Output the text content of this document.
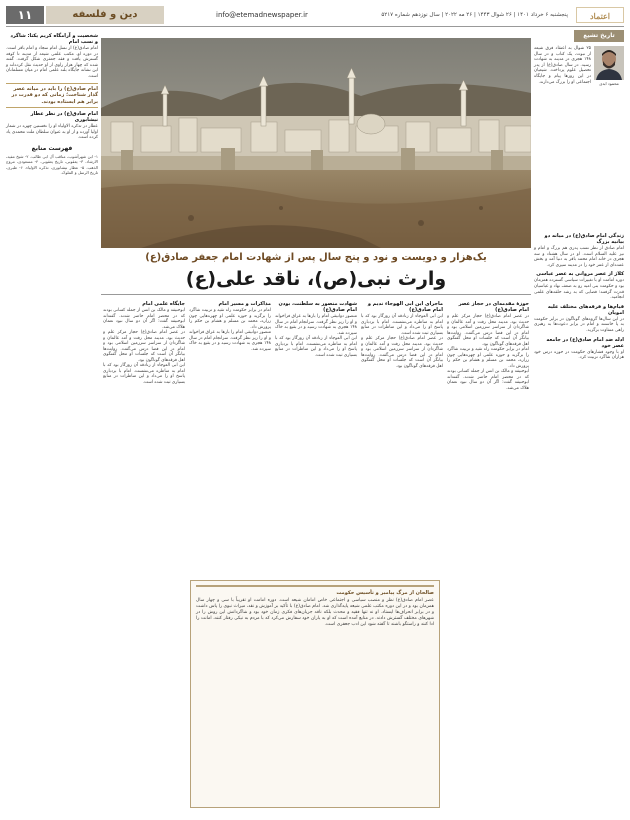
۱۱	دین و فلسفه	info@etemadnewspaper.ir	پنجشنبه ۶ خرداد ۱۴۰۱ | ۲۶ شوال ۱۴۴۳ | ۲۶ مه ۲۰۲۲ | سال نوزدهم شماره ۵۲۱۷	اعتماد
تاریخ تشیع
محمود ابدی
۲۵ شوال به اعتقاد فرق شیعه از نبوت، یک کتاب و در سال ۱۴۸ هجری در مدینه به شهادت رسید. در سال صادق(ع) از پدر تحصیل علوم پرداخت. شیعیان در این روزها پیام و جایگاه اجتماعی او را بزرگ می‌دارند.
زندگی امام صادق(ع) در میانه دو بیانیه بزرگ
امام صادق از نظر نسب پدری هم بزرگ و امام و نیز علیه السلام است. او در سال هشتاد و سه هجری در خانه امام محمد باقر به دنیا آمد و بخش عمده‌ای از عمر خود را در مدینه سپری کرد.
کلاژ از عصر مروانی به عصر عباسی
دوره امامت او با تغییرات سیاسی گسترده همزمان بود و حکومت بنی امیه رو به ضعف نهاد و عباسیان قدرت گرفتند؛ فضایی که به رشد حلقه‌های علمی انجامید.
قیام‌ها و فرقه‌های مختلف علیه امویان
در این سال‌ها گروه‌های گوناگون در برابر حکومت به پا خاستند و امام در برابر دعوت‌ها به رهبری راهی متفاوت برگزید.
ادله ضد امام صادق(ع) در جامعه عصر خود
او با وجود فشارهای حکومت در حوزه درس خود هزاران شاگرد تربیت کرد.
شخصیت و آرامگاه کریم یکتا: شاگرد و نسب امام
امام صادق(ع) از نسل امام سجاد و امام باقر است. در دوره او، مکتب علمی شیعه از مدینه تا کوفه گسترش یافت و فقه جعفری شکل گرفت. گفته شده که چهار هزار راوی از او حدیث نقل کرده‌اند و این نشانه جایگاه بلند علمی امام در میان مسلمانان است.
امام صادق(ع) را باید در میانه عصر گذار شناخت؛ زمانی که دو قدرت در برابر هم ایستاده بودند.
امام صادق(ع) در نظر عطار نیشابوری
عطار در تذکره الاولیاء او را نخستین چهره در شمار اولیا آورده و از او به عنوان سلطان ملت محمدی یاد کرده است.
فهرست منابع
۱- ابن شهرآشوب، مناقب آل ابی طالب. ۲- شیخ مفید، الارشاد. ۳- یعقوبی، تاریخ یعقوبی. ۴- مسعودی، مروج الذهب. ۵- عطار نیشابوری، تذکره الاولیاء. ۶- طبری، تاریخ الرسل و الملوک.
یک‌هزار و دویست و نود و پنج سال پس از شهادت امام جعفر صادق(ع)
وارث نبی(ص)، ناقد علی(ع)
حوزهٔ مقدمه‌ای در حجاز عصر امام صادق(ع)
در عصر امام صادق(ع) حجاز مرکز علم و حدیث بود. مدینه محل رفت و آمد عالمان و شاگردان از سراسر سرزمین اسلامی بود و امام در این فضا درس می‌گفت. روایت‌ها بیانگر آن است که جلسات او محل گفتگوی اهل فرقه‌های گوناگون بود.
امام در برابر حکومت راه تقیه و تربیت شاگرد را برگزید و حوزه علمی او چهره‌هایی چون زراره، محمد بن مسلم و هشام بن حکم را پرورش داد.
ابوحنیفه و مالک بن انس از جمله کسانی بودند که در محضر امام حاضر شدند. گفته‌اند ابوحنیفه گفت: اگر آن دو سال نبود نعمان هلاک می‌شد.
ماجرای این ابی الهوجاء ندیم و امام صادق(ع)
ابن ابی العوجاء از زنادقه آن روزگار بود که با امام به مناظره می‌نشست. امام با بردباری پاسخ او را می‌داد و این مناظرات در منابع بسیاری ثبت شده است.
در عصر امام صادق(ع) حجاز مرکز علم و حدیث بود. مدینه محل رفت و آمد عالمان و شاگردان از سراسر سرزمین اسلامی بود و امام در این فضا درس می‌گفت. روایت‌ها بیانگر آن است که جلسات او محل گفتگوی اهل فرقه‌های گوناگون بود.
شهادت منصور به سلطنت، بودن امام صادق(ع)
منصور دوانیقی امام را بارها به عراق فراخواند و او را زیر نظر گرفت. سرانجام امام در سال ۱۴۸ هجری به شهادت رسید و در بقیع به خاک سپرده شد.
ابن ابی العوجاء از زنادقه آن روزگار بود که با امام به مناظره می‌نشست. امام با بردباری پاسخ او را می‌داد و این مناظرات در منابع بسیاری ثبت شده است.
مذاکرات و مسیر امام
امام در برابر حکومت راه تقیه و تربیت شاگرد را برگزید و حوزه علمی او چهره‌هایی چون زراره، محمد بن مسلم و هشام بن حکم را پرورش داد.
منصور دوانیقی امام را بارها به عراق فراخواند و او را زیر نظر گرفت. سرانجام امام در سال ۱۴۸ هجری به شهادت رسید و در بقیع به خاک سپرده شد.
جایگاه علمی امام
ابوحنیفه و مالک بن انس از جمله کسانی بودند که در محضر امام حاضر شدند. گفته‌اند ابوحنیفه گفت: اگر آن دو سال نبود نعمان هلاک می‌شد.
در عصر امام صادق(ع) حجاز مرکز علم و حدیث بود. مدینه محل رفت و آمد عالمان و شاگردان از سراسر سرزمین اسلامی بود و امام در این فضا درس می‌گفت. روایت‌ها بیانگر آن است که جلسات او محل گفتگوی اهل فرقه‌های گوناگون بود.
ابن ابی العوجاء از زنادقه آن روزگار بود که با امام به مناظره می‌نشست. امام با بردباری پاسخ او را می‌داد و این مناظرات در منابع بسیاری ثبت شده است.
صالحان از مرگ پیامبر و تأسیس حکومت
عصر امام صادق(ع) نظر و منصب سیاسی و اجتماعی خاص امامان شیعه است. دوره امامت او تقریباً با سی و چهار سال همزمان بود و در این دوره مکتب علمی شیعه پایه‌گذاری شد. امام صادق(ع) با تأکید بر آموزش و نقد، میراث نبوی را پاس داشت و در برابر انحراف‌ها ایستاد. او نه تنها فقیه و محدث بلکه ناقد جریان‌های فکری زمان خود بود و شاگردانش این روش را در شهرهای مختلف گسترش دادند. در منابع آمده است که او به یاران خود سفارش می‌کرد که با مردم به نیکی رفتار کنند، امانت را ادا کنند و راستگو باشند تا گفته شود این ادب جعفری است.
